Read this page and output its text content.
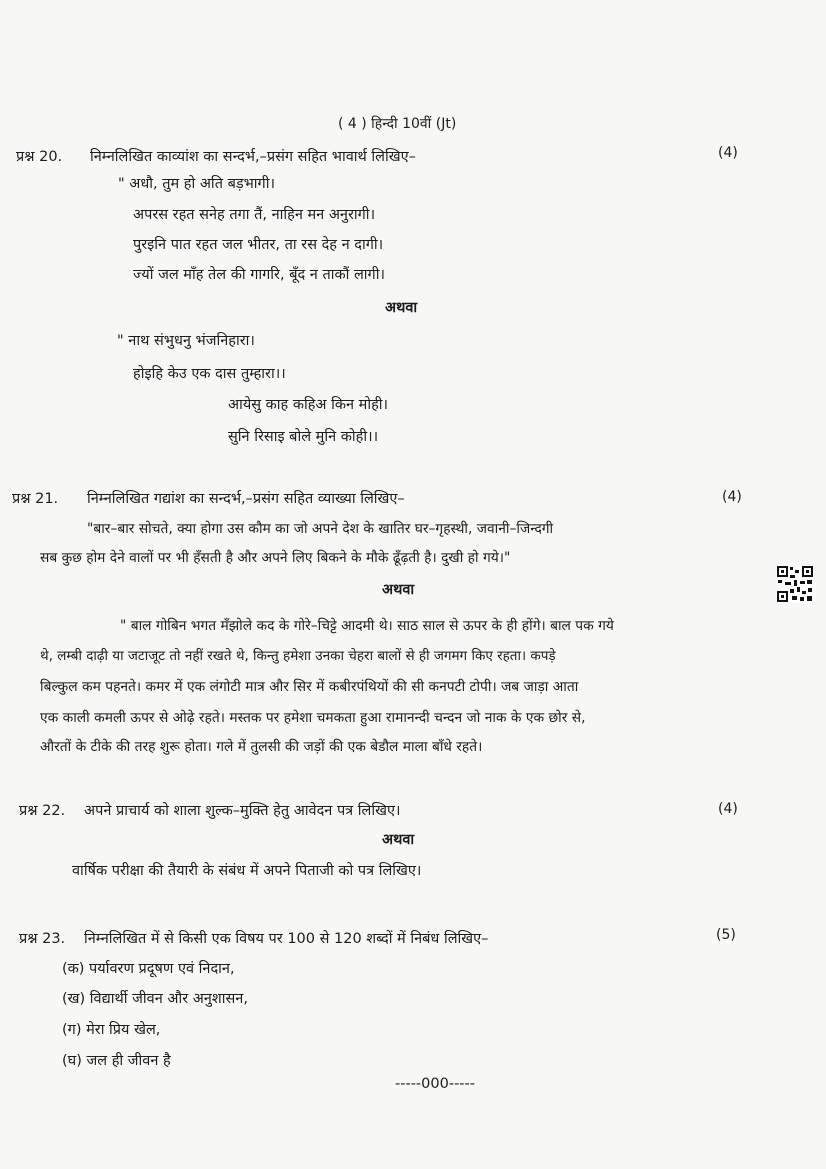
( 4 ) हिन्दी 10वीं (Jt)
प्रश्न 20. निम्नलिखित काव्यांश का सन्दर्भ,–प्रसंग सहित भावार्थ लिखिए–	(4)
" अधौ, तुम हो अति बड़भागी।
अपरस रहत सनेह तगा तैं, नाहिन मन अनुरागी।
पुरइनि पात रहत जल भीतर, ता रस देह न दागी।
ज्यों जल माँह तेल की गागरि, बूँद न ताकौं लागी।
अथवा
" नाथ संभुधनु भंजनिहारा।
होइहि केउ एक दास तुम्हारा।।
आयेसु काह कहिअ किन मोही।
सुनि रिसाइ बोले मुनि कोही।।
प्रश्न 21. निम्नलिखित गद्यांश का सन्दर्भ,–प्रसंग सहित व्याख्या लिखिए–	(4)
"बार–बार सोचते, क्या होगा उस कौम का जो अपने देश के खातिर घर–गृहस्थी, जवानी–जिन्दगी
सब कुछ होम देने वालों पर भी हँसती है और अपने लिए बिकने के मौके ढूँढ़ती है। दुखी हो गये।"
अथवा
" बाल गोबिन भगत मँझोले कद के गोरे–चिट्टे आदमी थे। साठ साल से ऊपर के ही होंगे। बाल पक गये
थे, लम्बी दाढ़ी या जटाजूट तो नहीं रखते थे, किन्तु हमेशा उनका चेहरा बालों से ही जगमग किए रहता। कपड़े
बिल्कुल कम पहनते। कमर में एक लंगोटी मात्र और सिर में कबीरपंथियों की सी कनपटी टोपी। जब जाड़ा आता
एक काली कमली ऊपर से ओढ़े रहते। मस्तक पर हमेशा चमकता हुआ रामानन्दी चन्दन जो नाक के एक छोर से,
औरतों के टीके की तरह शुरू होता। गले में तुलसी की जड़ों की एक बेडौल माला बाँधे रहते।
प्रश्न 22. अपने प्राचार्य को शाला शुल्क–मुक्ति हेतु आवेदन पत्र लिखिए।	(4)
अथवा
वार्षिक परीक्षा की तैयारी के संबंध में अपने पिताजी को पत्र लिखिए।
प्रश्न 23. निम्नलिखित में से किसी एक विषय पर 100 से 120 शब्दों में निबंध लिखिए–	(5)
(क) पर्यावरण प्रदूषण एवं निदान,
(ख) विद्यार्थी जीवन और अनुशासन,
(ग) मेरा प्रिय खेल,
(घ) जल ही जीवन है
-----000-----
